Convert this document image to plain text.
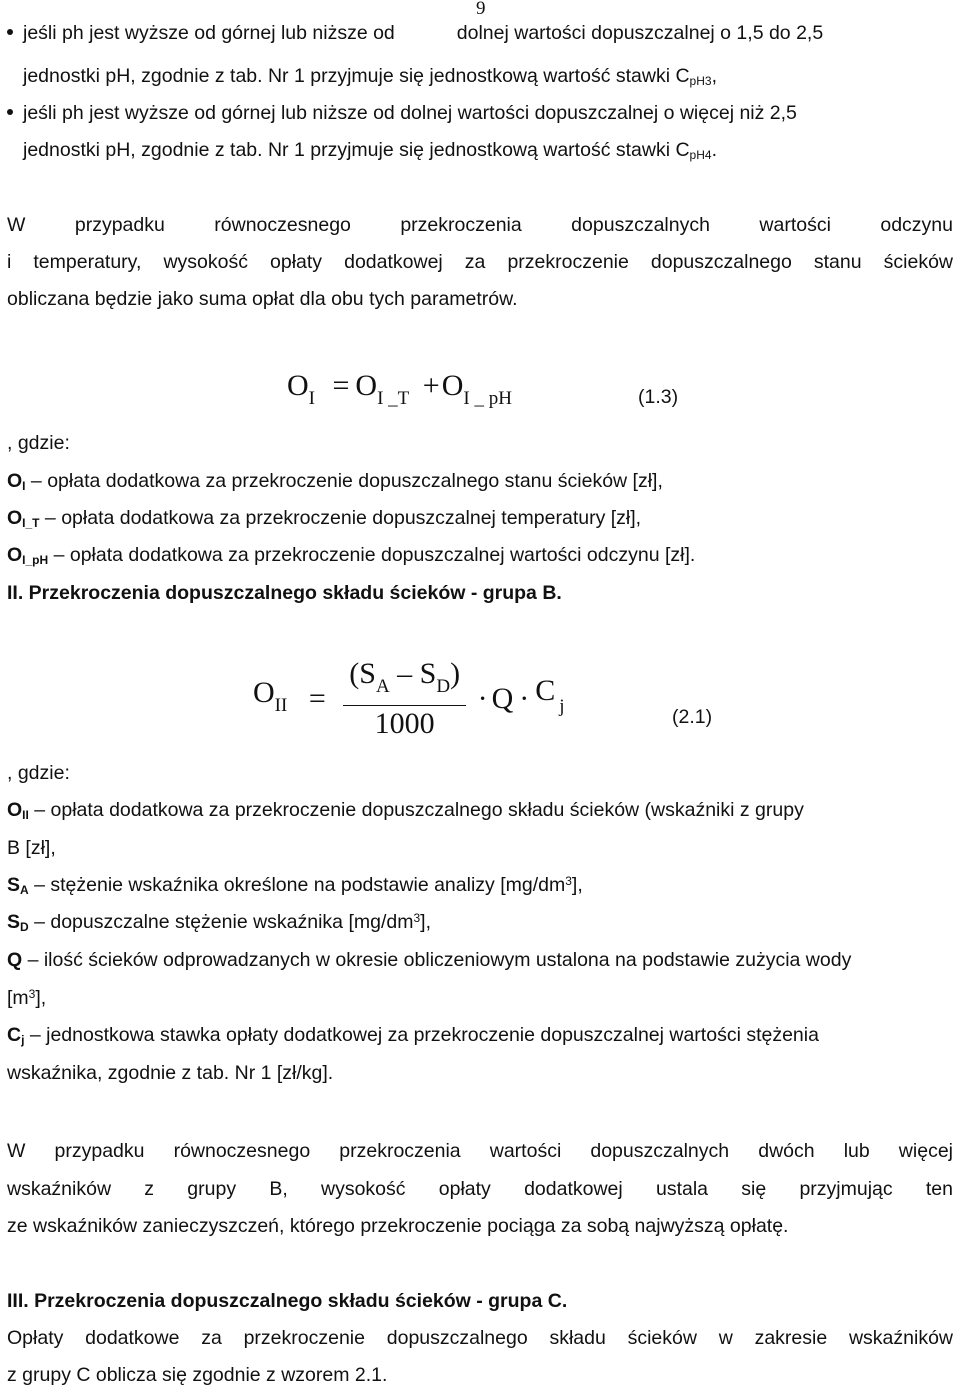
9
jeśli ph jest wyższe od górnej lub niższe od	dolnej wartości dopuszczalnej o 1,5 do 2,5
jednostki pH, zgodnie z tab. Nr 1 przyjmuje się jednostkową wartość stawki $C_{pH3}$,
jeśli ph jest wyższe od górnej lub niższe od dolnej wartości dopuszczalnej o więcej niż 2,5
jednostki pH, zgodnie z tab. Nr 1 przyjmuje się jednostkową wartość stawki $C_{pH4}$.
W przypadku równoczesnego przekroczenia dopuszczalnych wartości odczynu
i temperatury, wysokość opłaty dodatkowej za przekroczenie dopuszczalnego stanu ścieków
obliczana będzie jako suma opłat dla obu tych parametrów.
$O_I = O_{I \_T} +O_{I \_ pH}$	(1.3)
, gdzie:
$O_I$ – opłata dodatkowa za przekroczenie dopuszczalnego stanu ścieków [zł],
$O_{I\_T}$ – opłata dodatkowa za przekroczenie dopuszczalnej temperatury [zł],
$O_{I\_pH}$ – opłata dodatkowa za przekroczenie dopuszczalnej wartości odczynu [zł].
II. Przekroczenia dopuszczalnego składu ścieków - grupa B.
$O_{II} = \frac{(S_A - S_D)}{1000} \cdot Q \cdot C$ $_j$	(2.1)
, gdzie:
$O_{II}$ – opłata dodatkowa za przekroczenie dopuszczalnego składu ścieków (wskaźniki z grupy
B [zł],
$S_A$ – stężenie wskaźnika określone na podstawie analizy $[mg/dm^3]$,
$S_D$ – dopuszczalne stężenie wskaźnika $[mg/dm^3]$,
Q – ilość ścieków odprowadzanych w okresie obliczeniowym ustalona na podstawie zużycia wody
$[m^3]$,
$C_j$ – jednostkowa stawka opłaty dodatkowej za przekroczenie dopuszczalnej wartości stężenia
wskaźnika, zgodnie z tab. Nr 1 [zł/kg].
W przypadku równoczesnego przekroczenia wartości dopuszczalnych dwóch lub więcej
wskaźników z grupy B, wysokość opłaty dodatkowej ustala się przyjmując ten
ze wskaźników zanieczyszczeń, którego przekroczenie pociąga za sobą najwyższą opłatę.
III. Przekroczenia dopuszczalnego składu ścieków - grupa C.
Opłaty dodatkowe za przekroczenie dopuszczalnego składu ścieków w zakresie wskaźników
z grupy C oblicza się zgodnie z wzorem 2.1.
